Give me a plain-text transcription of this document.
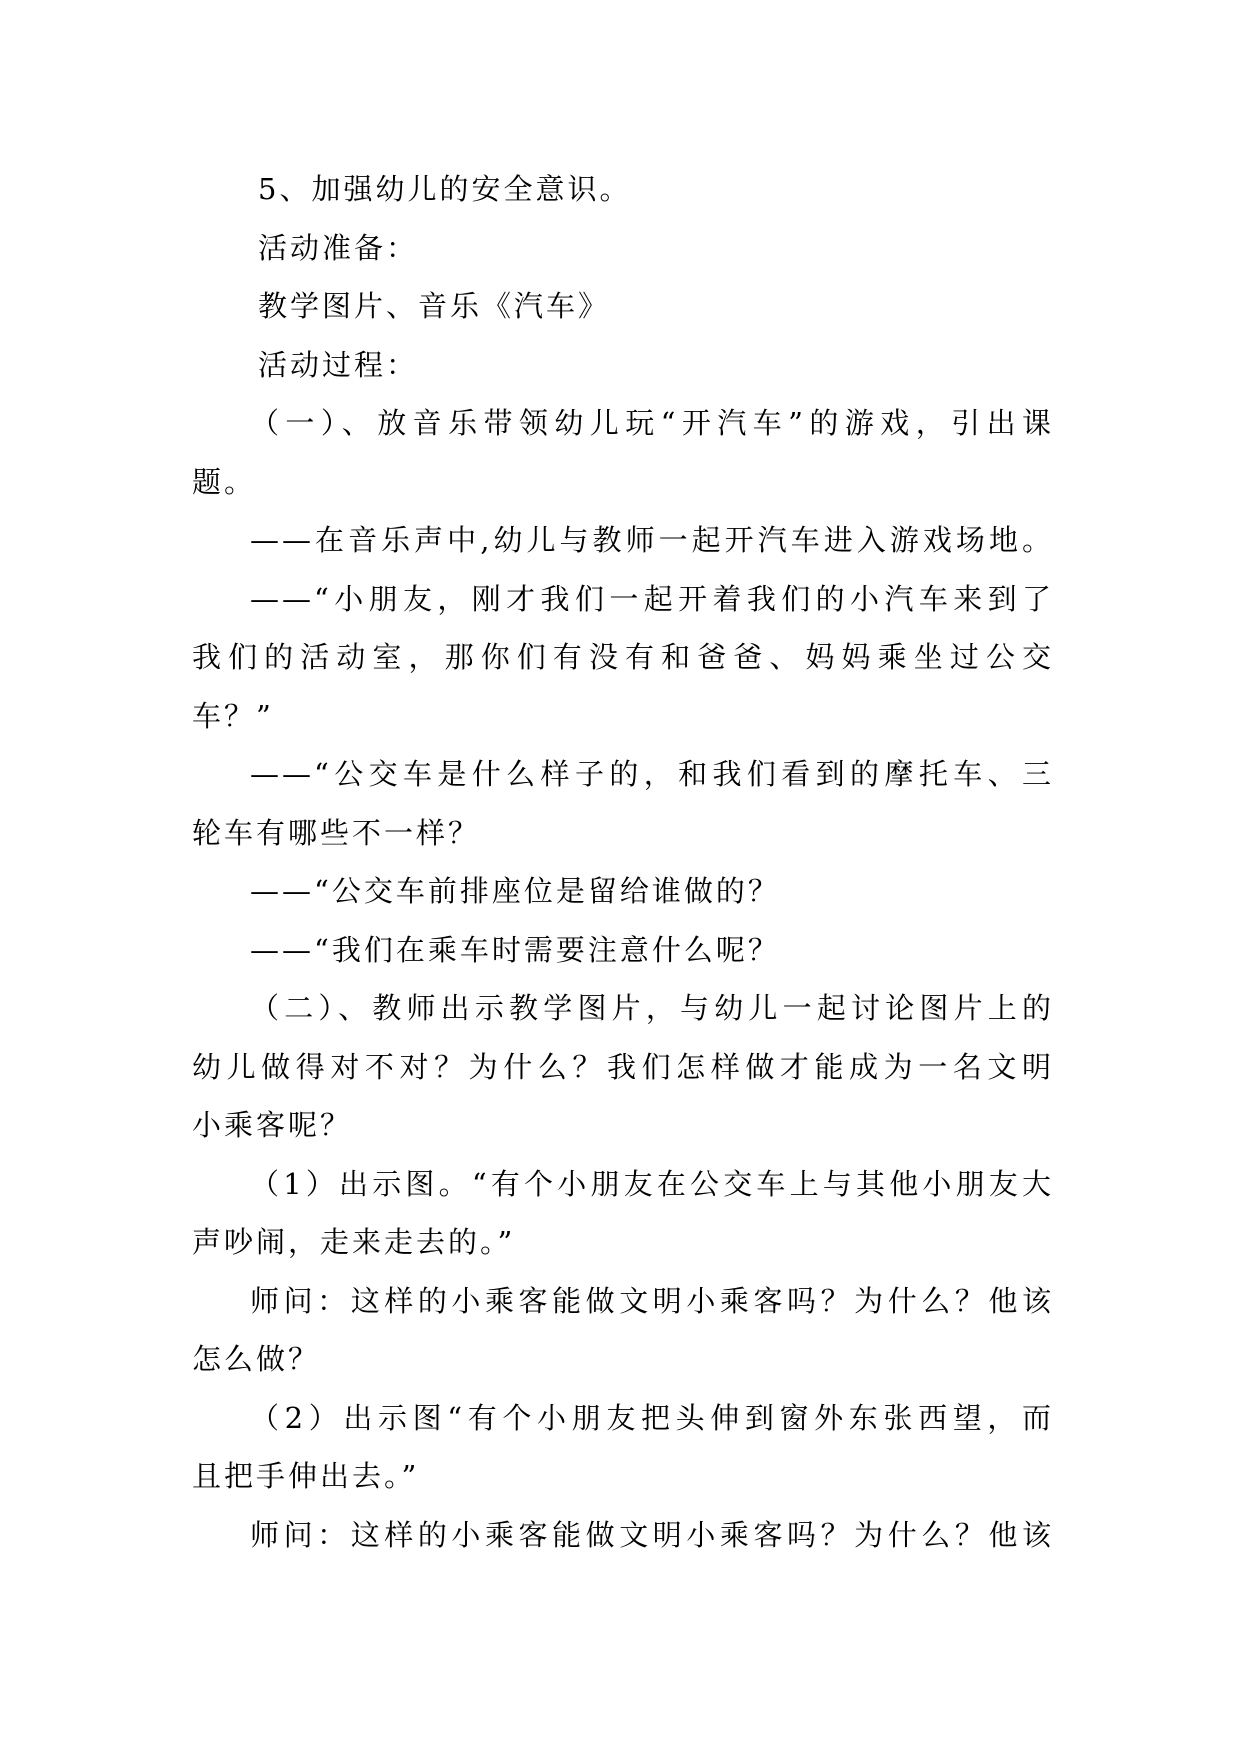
5、加强幼儿的安全意识。

活动准备：

教学图片、音乐《汽车》

活动过程：

（一）、放音乐带领幼儿玩“开汽车”的游戏，引出课
题。

——在音乐声中,幼儿与教师一起开汽车进入游戏场地。

——“小朋友，刚才我们一起开着我们的小汽车来到了
我们的活动室，那你们有没有和爸爸、妈妈乘坐过公交
车？”

——“公交车是什么样子的，和我们看到的摩托车、三
轮车有哪些不一样？

——“公交车前排座位是留给谁做的？

——“我们在乘车时需要注意什么呢？

（二）、教师出示教学图片，与幼儿一起讨论图片上的
幼儿做得对不对？为什么？我们怎样做才能成为一名文明
小乘客呢？

（1）出示图。“有个小朋友在公交车上与其他小朋友大
声吵闹，走来走去的。”

师问：这样的小乘客能做文明小乘客吗？为什么？他该
怎么做？

（2）出示图“有个小朋友把头伸到窗外东张西望，而
且把手伸出去。”

师问：这样的小乘客能做文明小乘客吗？为什么？他该
